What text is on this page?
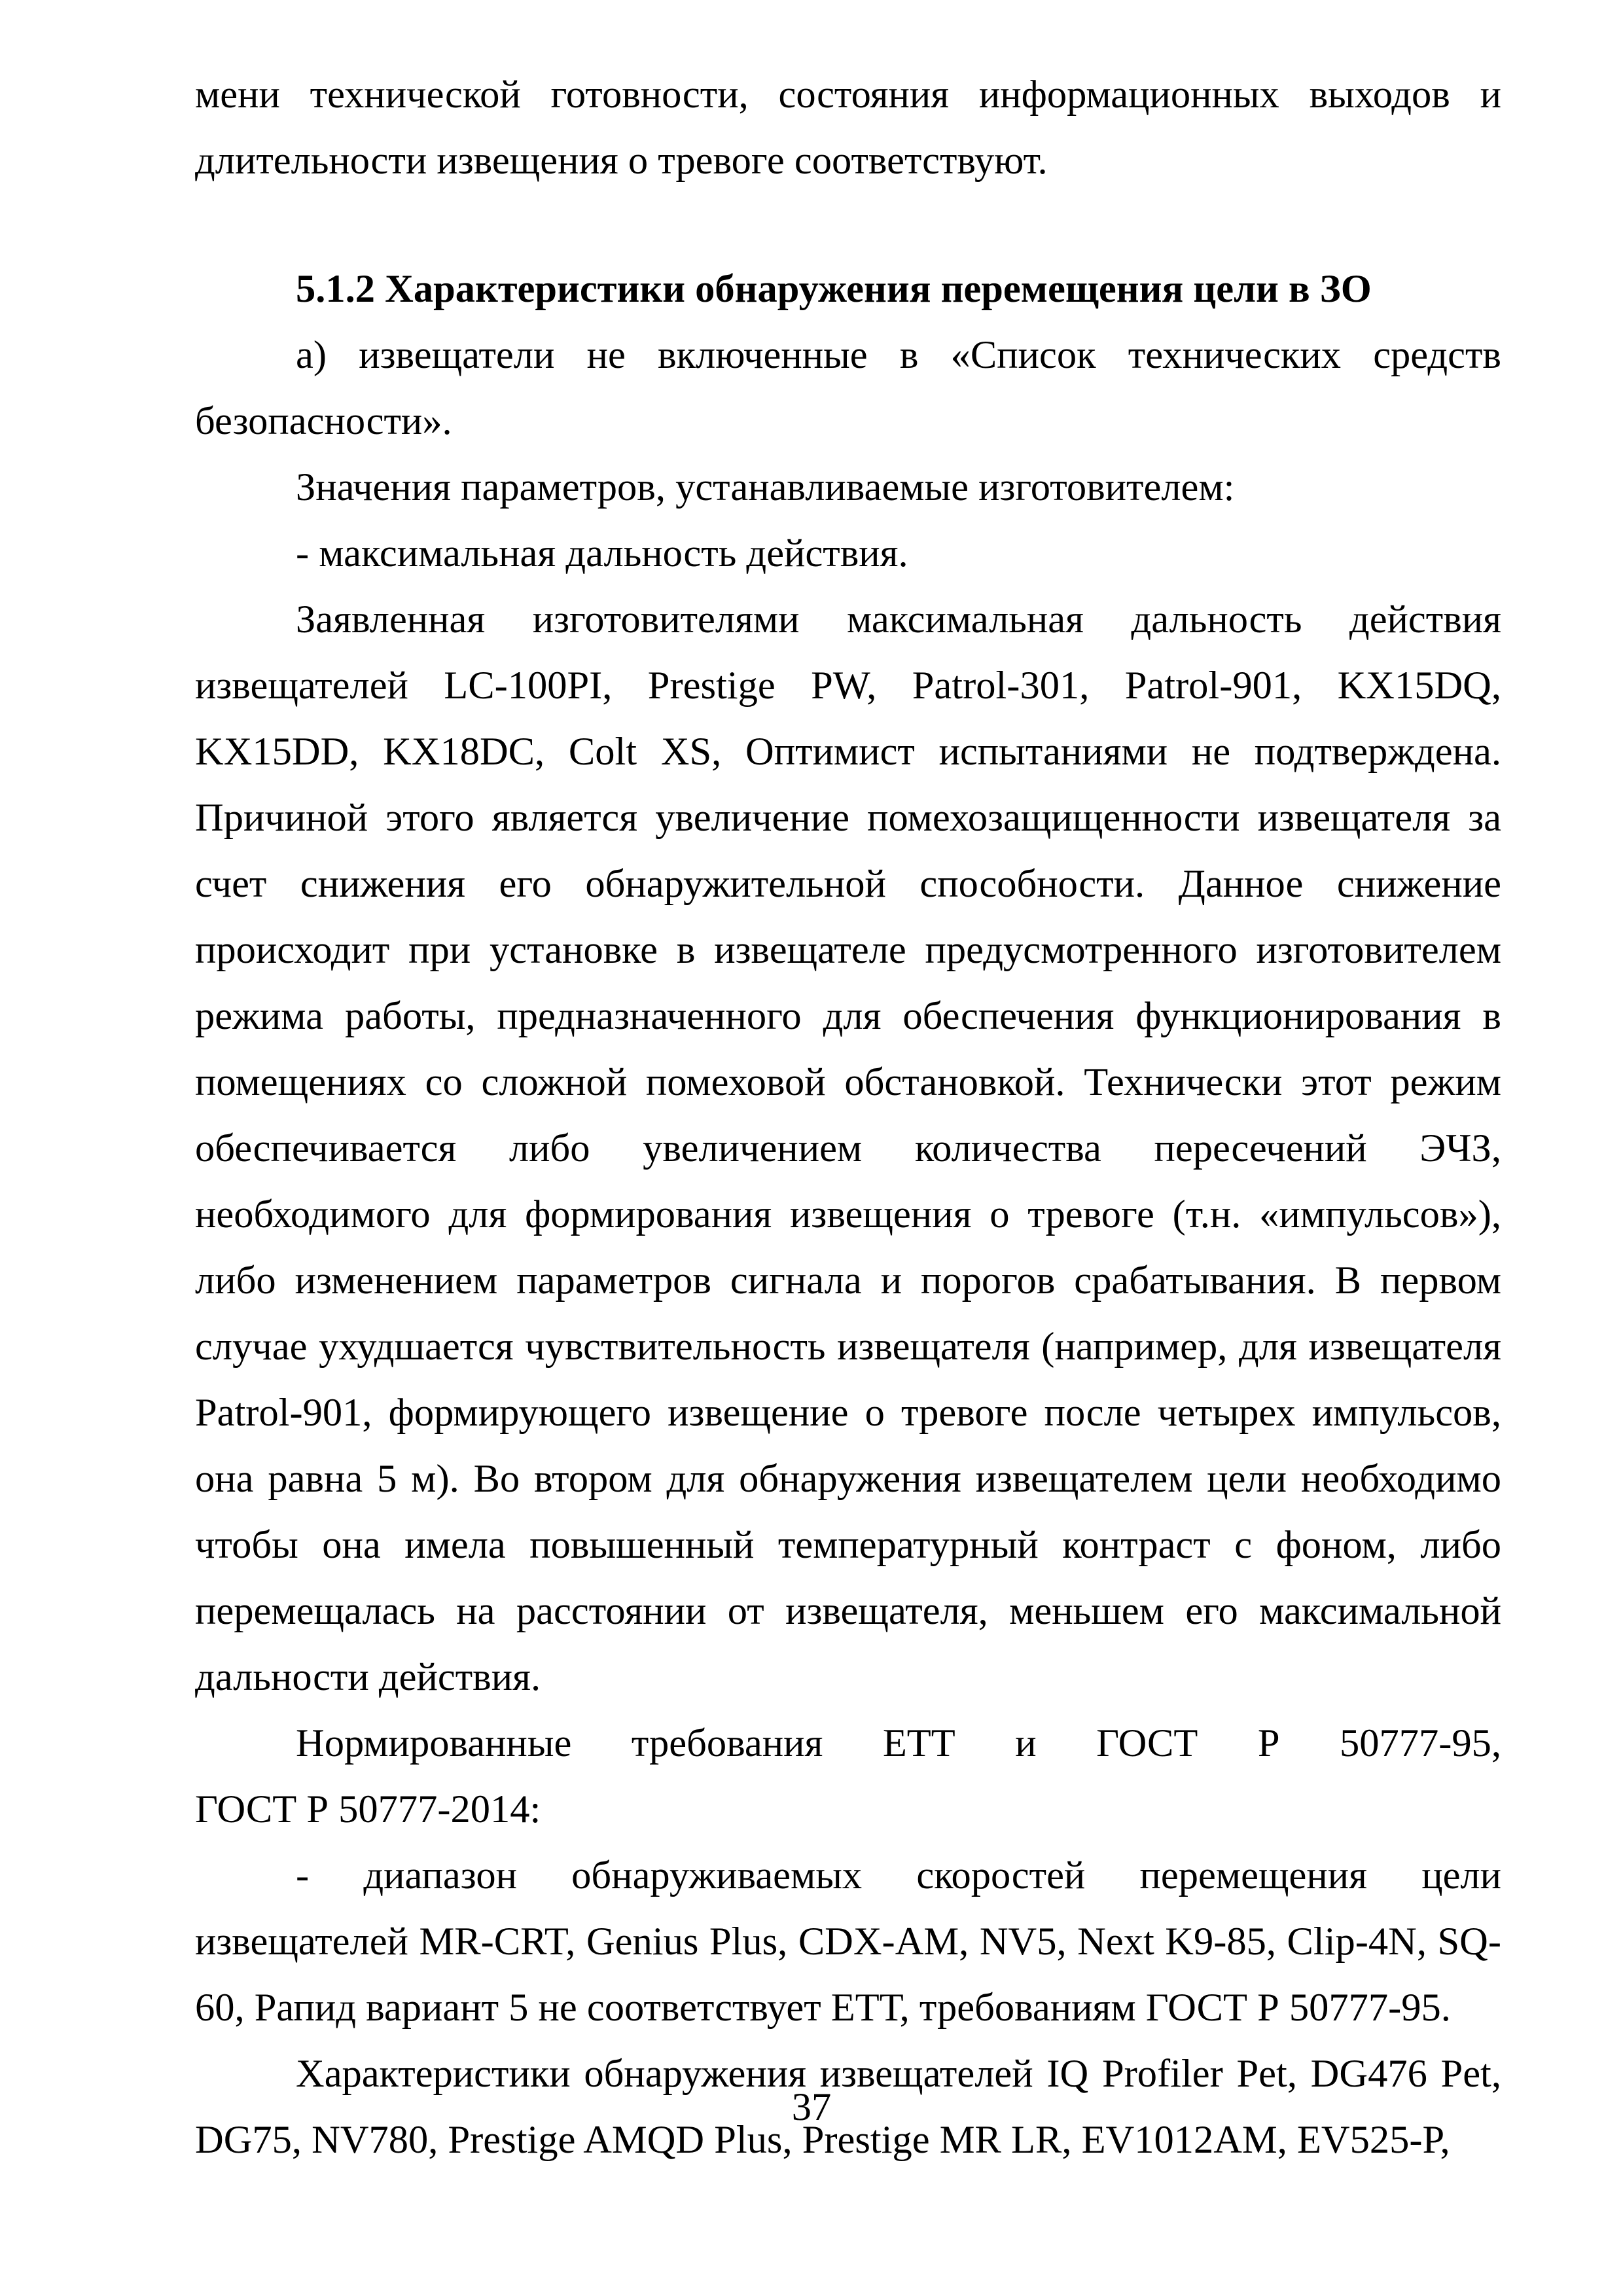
мени технической готовности, состояния информационных выходов и длительности извещения о тревоге соответствуют.

5.1.2 Характеристики обнаружения перемещения цели в ЗО

а) извещатели не включенные в «Список технических средств безопасности».

Значения параметров, устанавливаемые изготовителем:

- максимальная дальность действия.

Заявленная изготовителями максимальная дальность действия извещателей LC-100PI, Prestige PW, Patrol-301, Patrol-901, KX15DQ, KX15DD, KX18DC, Colt XS, Оптимист испытаниями не подтверждена. Причиной этого является увеличение помехозащищенности извещателя за счет снижения его обнаружительной способности. Данное снижение происходит при установке в извещателе предусмотренного изготовителем режима работы, предназначенного для обеспечения функционирования в помещениях со сложной помеховой обстановкой. Технически этот режим обеспечивается либо увеличением количества пересечений ЭЧЗ, необходимого для формирования извещения о тревоге (т.н. «импульсов»), либо изменением параметров сигнала и порогов срабатывания. В первом случае ухудшается чувствительность извещателя (например, для извещателя Patrol-901, формирующего извещение о тревоге после четырех импульсов, она равна 5 м). Во втором для обнаружения извещателем цели необходимо чтобы она имела повышенный температурный контраст с фоном, либо перемещалась на расстоянии от извещателя, меньшем его максимальной дальности действия.

Нормированные требования ЕТТ и ГОСТ Р 50777-95,

ГОСТ Р 50777-2014:

- диапазон обнаруживаемых скоростей перемещения цели извещателей MR-CRT, Genius Plus, CDX-AM, NV5, Next K9-85, Clip-4N, SQ-60, Рапид вариант 5 не соответствует ЕТТ, требованиям ГОСТ Р 50777-95.

Характеристики обнаружения извещателей IQ Profiler Pet, DG476 Pet, DG75, NV780, Prestige AMQD Plus, Prestige MR LR, EV1012AM, EV525-P,

37
